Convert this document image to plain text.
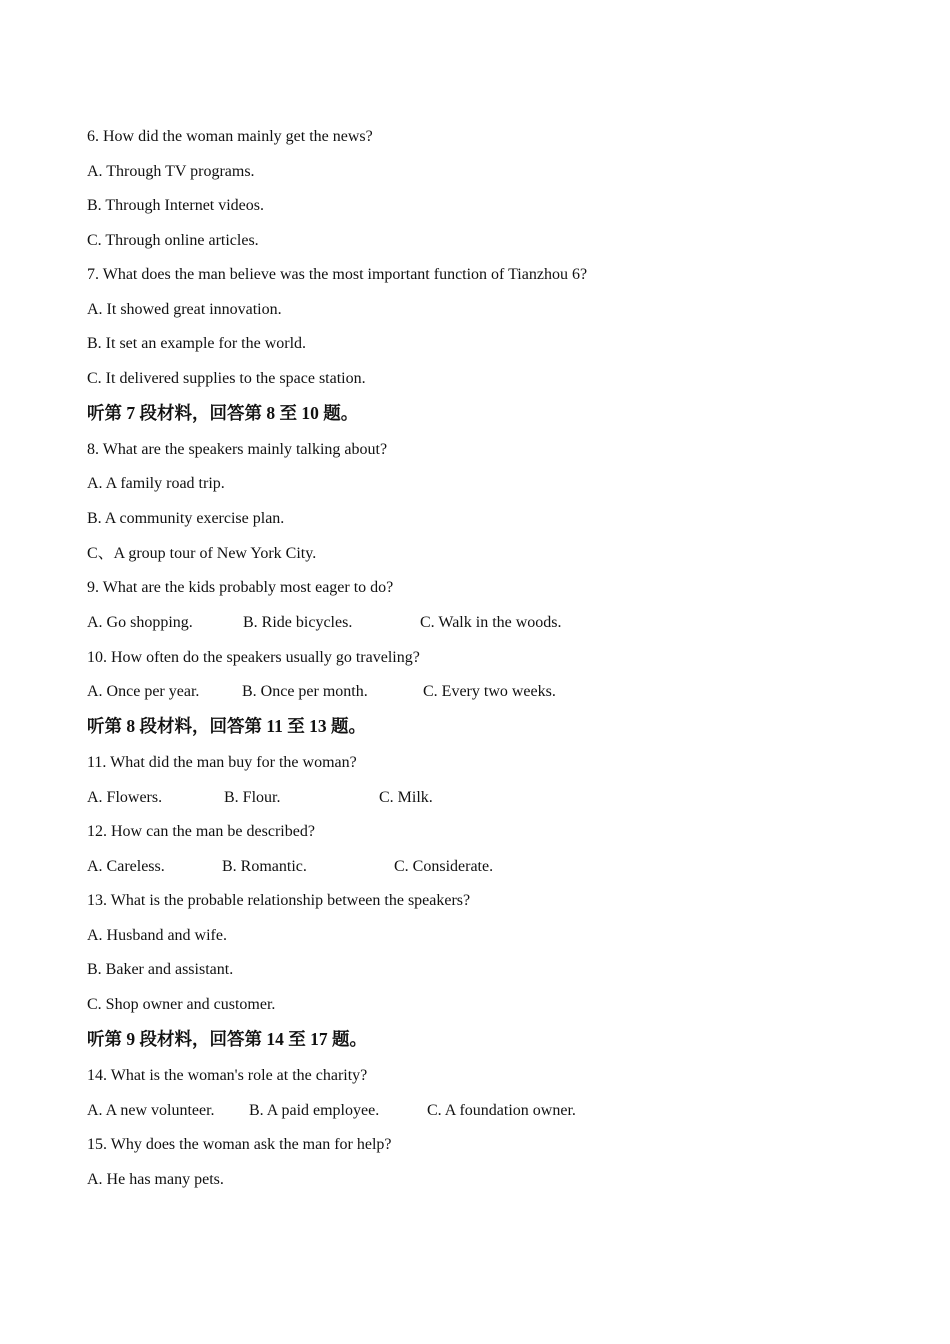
6. How did the woman mainly get the news?
A. Through TV programs.
B. Through Internet videos.
C. Through online articles.
7. What does the man believe was the most important function of Tianzhou 6?
A. It showed great innovation.
B. It set an example for the world.
C. It delivered supplies to the space station.
听第 7 段材料，回答第 8 至 10 题。
8. What are the speakers mainly talking about?
A. A family road trip.
B. A community exercise plan.
C、A group tour of New York City.
9. What are the kids probably most eager to do?
A. Go shopping.	B. Ride bicycles.	C. Walk in the woods.
10. How often do the speakers usually go traveling?
A. Once per year.	B. Once per month.	C. Every two weeks.
听第 8 段材料，回答第 11 至 13 题。
11. What did the man buy for the woman?
A. Flowers.	B. Flour.	C. Milk.
12. How can the man be described?
A. Careless.	B. Romantic.	C. Considerate.
13. What is the probable relationship between the speakers?
A. Husband and wife.
B. Baker and assistant.
C. Shop owner and customer.
听第 9 段材料，回答第 14 至 17 题。
14. What is the woman's role at the charity?
A. A new volunteer. B. A paid employee.	C. A foundation owner.
15. Why does the woman ask the man for help?
A. He has many pets.
